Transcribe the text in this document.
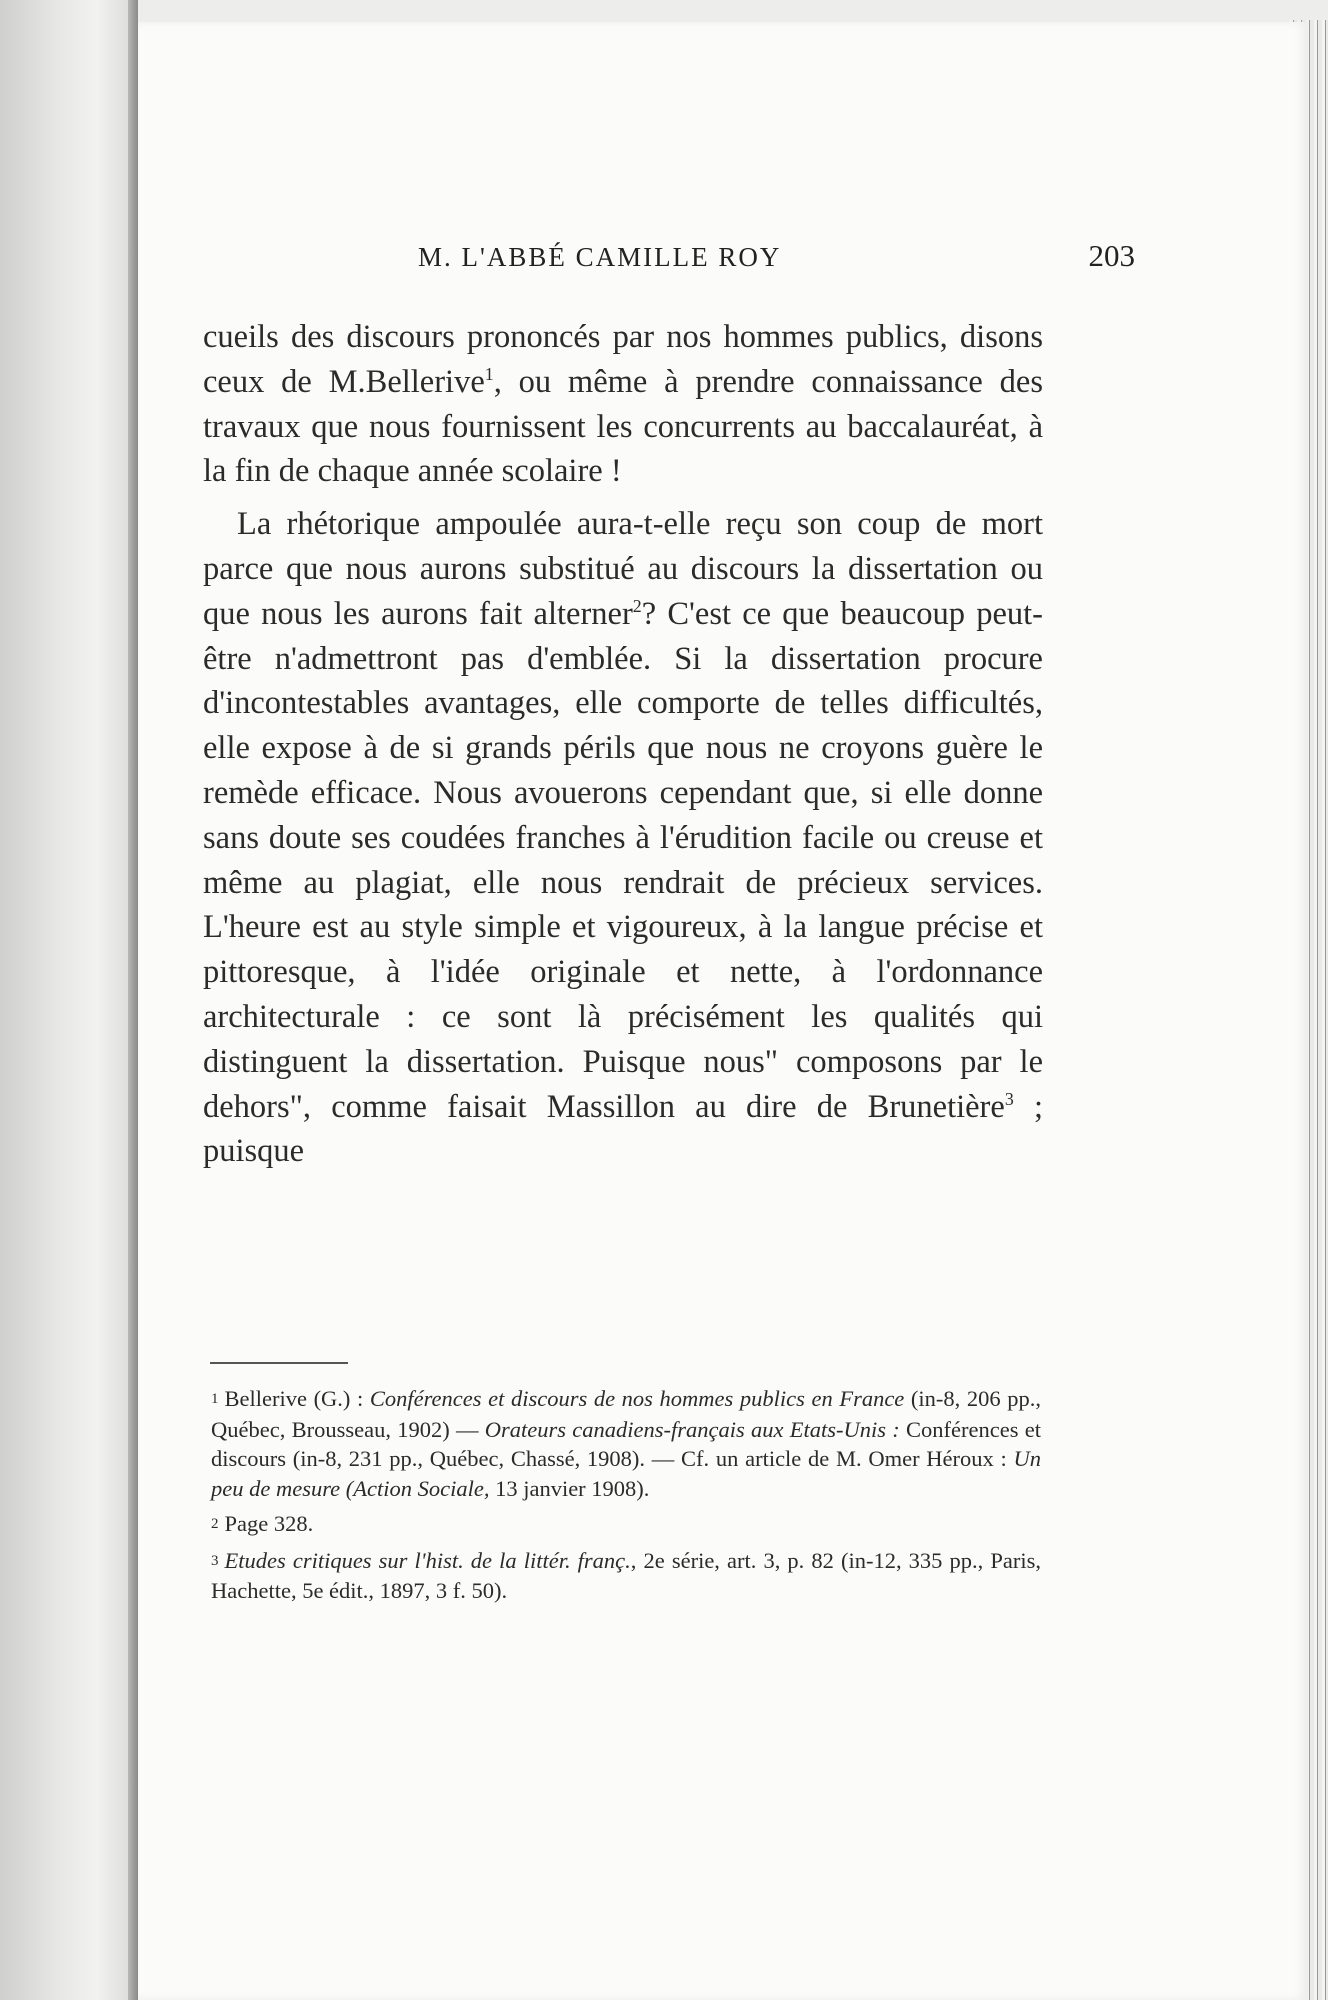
M. L'ABBÉ CAMILLE ROY	203

cueils des discours prononcés par nos hommes publics, disons ceux de M.Bellerive$^1$, ou même à prendre connaissance des travaux que nous fournissent les concurrents au baccalauréat, à la fin de chaque année scolaire !

La rhétorique ampoulée aura-t-elle reçu son coup de mort parce que nous aurons substitué au discours la dissertation ou que nous les aurons fait alterner$^2$? C'est ce que beaucoup peut-être n'admettront pas d'emblée. Si la dissertation procure d'incontestables avantages, elle comporte de telles difficultés, elle expose à de si grands périls que nous ne croyons guère le remède efficace. Nous avouerons cependant que, si elle donne sans doute ses coudées franches à l'érudition facile ou creuse et même au plagiat, elle nous rendrait de précieux services. L'heure est au style simple et vigoureux, à la langue précise et pittoresque, à l'idée originale et nette, à l'ordonnance architecturale : ce sont là précisément les qualités qui distinguent la dissertation. Puisque nous" composons par le dehors", comme faisait Massillon au dire de Brunetière$^3$ ; puisque

1 Bellerive (G.) : Conférences et discours de nos hommes publics en France (in-8, 206 pp., Québec, Brousseau, 1902) — Orateurs canadiens-français aux Etats-Unis : Conférences et discours (in-8, 231 pp., Québec, Chassé, 1908). — Cf. un article de M. Omer Héroux : Un peu de mesure (Action Sociale, 13 janvier 1908).

2 Page 328.

3 Etudes critiques sur l'hist. de la littér. franç., 2e série, art. 3, p. 82 (in-12, 335 pp., Paris, Hachette, 5e édit., 1897, 3 f. 50).
